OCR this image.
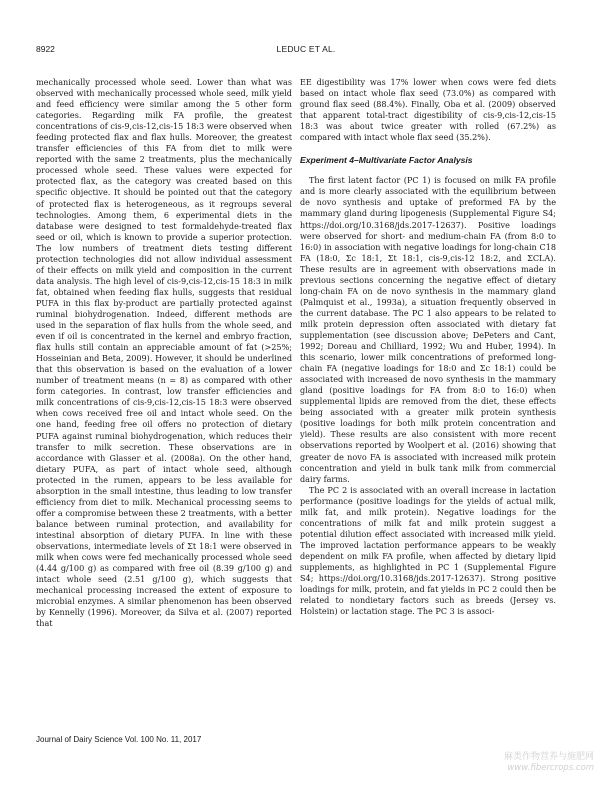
8922	LEDUC ET AL.

mechanically processed whole seed. Lower than what was observed with mechanically processed whole seed, milk yield and feed efficiency were similar among the 5 other form categories. Regarding milk FA profile, the greatest concentrations of cis-9,cis-12,cis-15 18:3 were observed when feeding protected flax and flax hulls. Moreover, the greatest transfer efficiencies of this FA from diet to milk were reported with the same 2 treatments, plus the mechanically processed whole seed. These values were expected for protected flax, as the category was created based on this specific objective. It should be pointed out that the category of protected flax is heterogeneous, as it regroups several technologies. Among them, 6 experimental diets in the database were designed to test formaldehyde-treated flax seed or oil, which is known to provide a superior protection. The low numbers of treatment diets testing different protection technologies did not allow individual assessment of their effects on milk yield and composition in the current data analysis. The high level of cis-9,cis-12,cis-15 18:3 in milk fat, obtained when feeding flax hulls, suggests that residual PUFA in this flax by-product are partially protected against ruminal biohydrogenation. Indeed, different methods are used in the separation of flax hulls from the whole seed, and even if oil is concentrated in the kernel and embryo fraction, flax hulls still contain an appreciable amount of fat (>25%; Hosseinian and Beta, 2009). However, it should be underlined that this observation is based on the evaluation of a lower number of treatment means (n = 8) as compared with other form categories. In contrast, low transfer efficiencies and milk concentrations of cis-9,cis-12,cis-15 18:3 were observed when cows received free oil and intact whole seed. On the one hand, feeding free oil offers no protection of dietary PUFA against ruminal biohydrogenation, which reduces their transfer to milk secretion. These observations are in accordance with Glasser et al. (2008a). On the other hand, dietary PUFA, as part of intact whole seed, although protected in the rumen, appears to be less available for absorption in the small intestine, thus leading to low transfer efficiency from diet to milk. Mechanical processing seems to offer a compromise between these 2 treatments, with a better balance between ruminal protection, and availability for intestinal absorption of dietary PUFA. In line with these observations, intermediate levels of Σt 18:1 were observed in milk when cows were fed mechanically processed whole seed (4.44 g/100 g) as compared with free oil (8.39 g/100 g) and intact whole seed (2.51 g/100 g), which suggests that mechanical processing increased the extent of exposure to microbial enzymes. A similar phenomenon has been observed by Kennelly (1996). Moreover, da Silva et al. (2007) reported that

EE digestibility was 17% lower when cows were fed diets based on intact whole flax seed (73.0%) as compared with ground flax seed (88.4%). Finally, Oba et al. (2009) observed that apparent total-tract digestibility of cis-9,cis-12,cis-15 18:3 was about twice greater with rolled (67.2%) as compared with intact whole flax seed (35.2%).

Experiment 4–Multivariate Factor Analysis

The first latent factor (PC 1) is focused on milk FA profile and is more clearly associated with the equilibrium between de novo synthesis and uptake of preformed FA by the mammary gland during lipogenesis (Supplemental Figure S4; https://doi.org/10.3168/jds.2017-12637). Positive loadings were observed for short- and medium-chain FA (from 8:0 to 16:0) in association with negative loadings for long-chain C18 FA (18:0, Σc 18:1, Σt 18:1, cis-9,cis-12 18:2, and ΣCLA). These results are in agreement with observations made in previous sections concerning the negative effect of dietary long-chain FA on de novo synthesis in the mammary gland (Palmquist et al., 1993a), a situation frequently observed in the current database. The PC 1 also appears to be related to milk protein depression often associated with dietary fat supplementation (see discussion above; DePeters and Cant, 1992; Doreau and Chilliard, 1992; Wu and Huber, 1994). In this scenario, lower milk concentrations of preformed long-chain FA (negative loadings for 18:0 and Σc 18:1) could be associated with increased de novo synthesis in the mammary gland (positive loadings for FA from 8:0 to 16:0) when supplemental lipids are removed from the diet, these effects being associated with a greater milk protein synthesis (positive loadings for both milk protein concentration and yield). These results are also consistent with more recent observations reported by Woolpert et al. (2016) showing that greater de novo FA is associated with increased milk protein concentration and yield in bulk tank milk from commercial dairy farms.

The PC 2 is associated with an overall increase in lactation performance (positive loadings for the yields of actual milk, milk fat, and milk protein). Negative loadings for the concentrations of milk fat and milk protein suggest a potential dilution effect associated with increased milk yield. The improved lactation performance appears to be weakly dependent on milk FA profile, when affected by dietary lipid supplements, as highlighted in PC 1 (Supplemental Figure S4; https://doi.org/10.3168/jds.2017-12637). Strong positive loadings for milk, protein, and fat yields in PC 2 could then be related to nondietary factors such as breeds (Jersey vs. Holstein) or lactation stage. The PC 3 is associ-

Journal of Dairy Science Vol. 100 No. 11, 2017
麻类作物营养与施肥网
www.fibercrops.com
